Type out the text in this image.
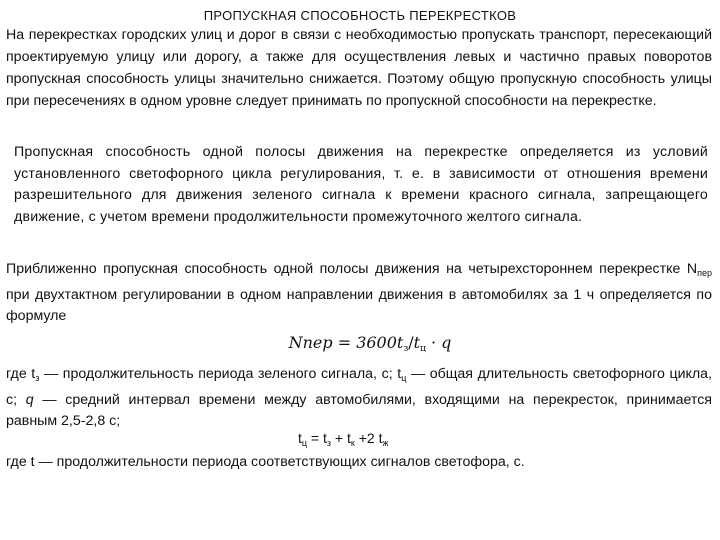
ПРОПУСКНАЯ СПОСОБНОСТЬ ПЕРЕКРЕСТКОВ
На перекрестках городских улиц и дорог в связи с необходимостью пропускать транспорт, пересекающий проектируемую улицу или дорогу, а также для осуществления левых и частично правых поворотов пропускная способность улицы значительно снижается. Поэтому общую пропускную способность улицы при пересечениях в одном уровне следует принимать по пропускной способности на перекрестке.
Пропускная способность одной полосы движения на перекрестке определяется из условий установленного светофорного цикла регулирования, т. е. в зависимости от отношения времени разрешительного для движения зеленого сигнала к времени красного сигнала, запрещающего движение, с учетом времени продолжительности промежуточного желтого сигнала.
Приближенно пропускная способность одной полосы движения на четырехстороннем перекрестке $N_{пер}$ при двухтактном регулировании в одном направлении движения в автомобилях за 1 ч определяется по формуле
Nпер = $3600t_з/t_ц \cdot q$
где $t_з$ — продолжительность периода зеленого сигнала, с; $t_ц$ — общая длительность светофорного цикла, с; q — средний интервал времени между автомобилями, входящими на перекресток, принимается равным 2,5-2,8 с;
$t_ц = t_з + t_к +2$ $t_ж$
где t — продолжительности периода соответствующих сигналов светофора, с.
